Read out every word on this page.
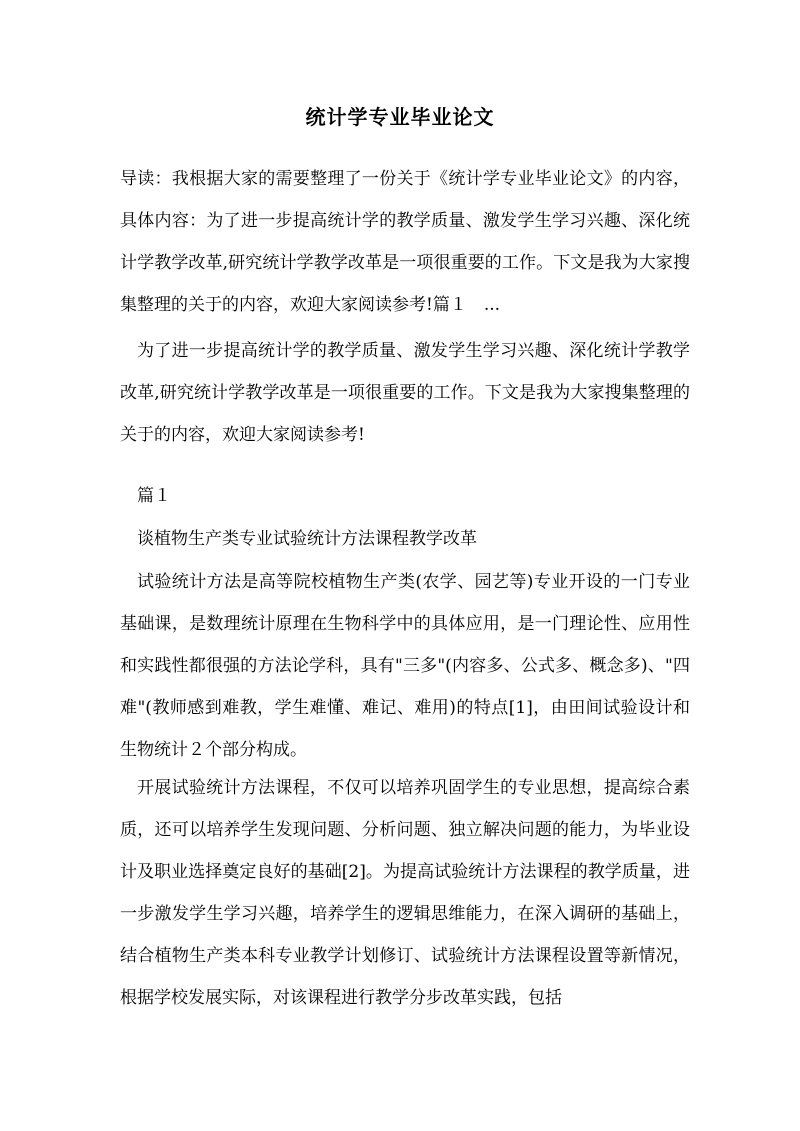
统计学专业毕业论文

导读：我根据大家的需要整理了一份关于《统计学专业毕业论文》的内容，具体内容：为了进一步提高统计学的教学质量、激发学生学习兴趣、深化统计学教学改革,研究统计学教学改革是一项很重要的工作。下文是我为大家搜集整理的关于的内容，欢迎大家阅读参考!篇１　...

为了进一步提高统计学的教学质量、激发学生学习兴趣、深化统计学教学改革,研究统计学教学改革是一项很重要的工作。下文是我为大家搜集整理的关于的内容，欢迎大家阅读参考!

篇１

谈植物生产类专业试验统计方法课程教学改革

试验统计方法是高等院校植物生产类(农学、园艺等)专业开设的一门专业基础课，是数理统计原理在生物科学中的具体应用，是一门理论性、应用性和实践性都很强的方法论学科，具有"三多"(内容多、公式多、概念多)、"四难"(教师感到难教，学生难懂、难记、难用)的特点[1]，由田间试验设计和生物统计２个部分构成。

开展试验统计方法课程，不仅可以培养巩固学生的专业思想，提高综合素质，还可以培养学生发现问题、分析问题、独立解决问题的能力，为毕业设计及职业选择奠定良好的基础[2]。为提高试验统计方法课程的教学质量，进一步激发学生学习兴趣，培养学生的逻辑思维能力，在深入调研的基础上，结合植物生产类本科专业教学计划修订、试验统计方法课程设置等新情况，根据学校发展实际，对该课程进行教学分步改革实践，包括
